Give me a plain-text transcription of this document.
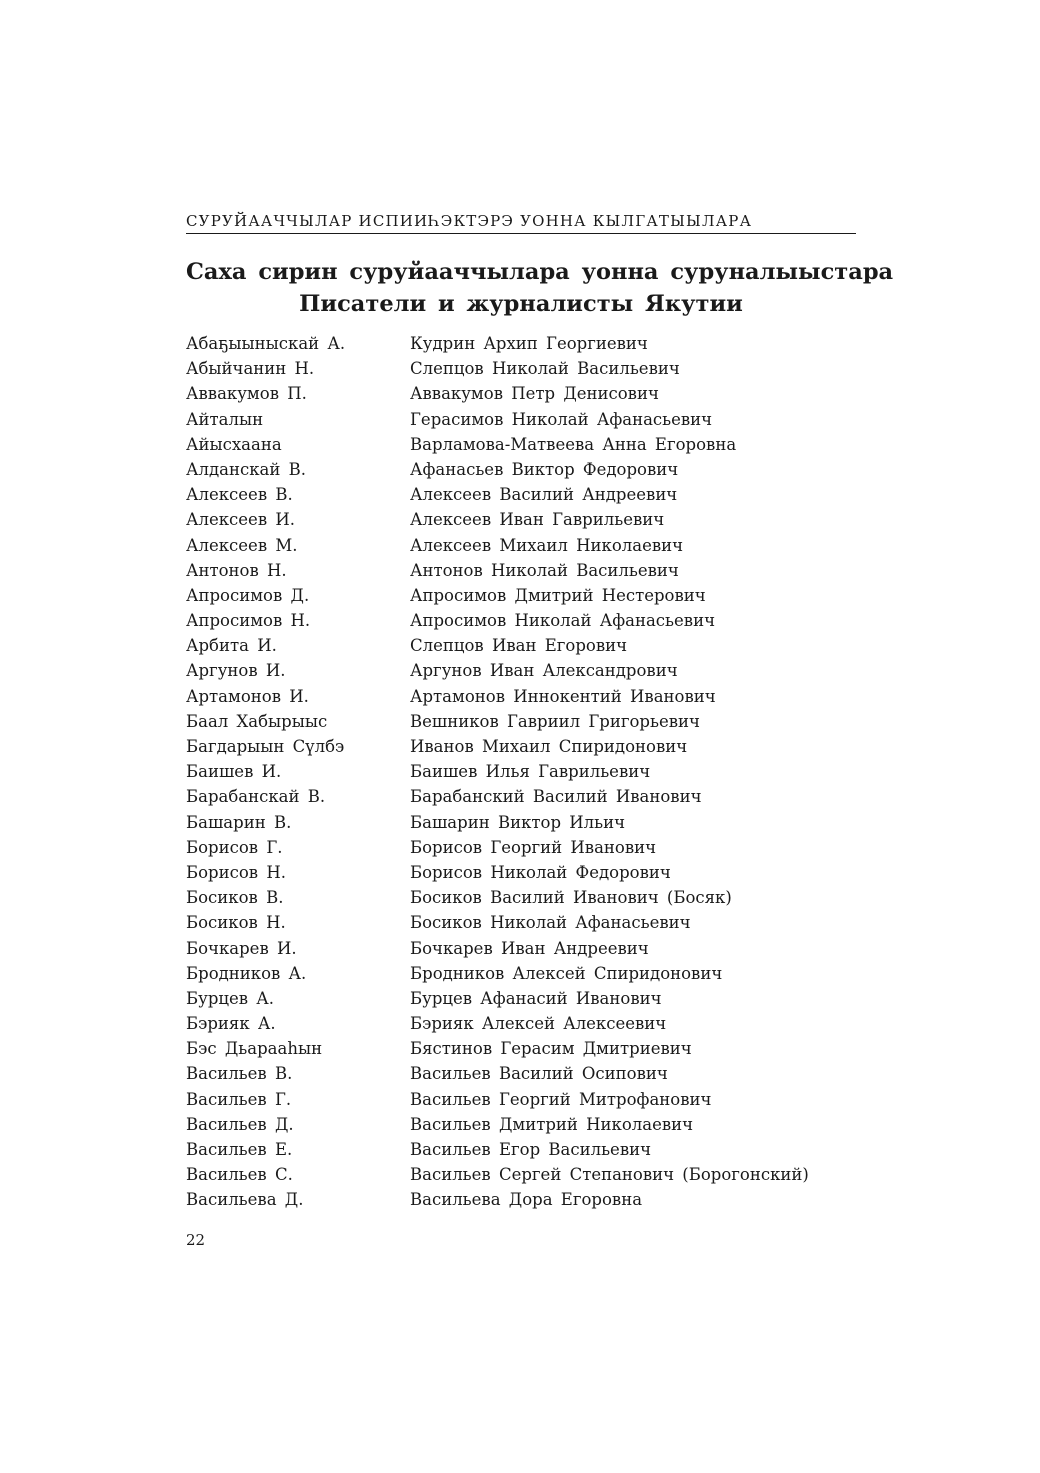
СУРУЙААЧЧЫЛАР ИСПИИҺЭКТЭРЭ УОННА КЫЛГАТЫЫЛАРА
Саха сирин суруйааччылара уонна суруналыыстара
Писатели и журналисты Якутии
Абаҕыыныскай А.	Кудрин Архип Георгиевич
Абыйчанин Н.	Слепцов Николай Васильевич
Аввакумов П.	Аввакумов Петр Денисович
Айталын	Герасимов Николай Афанасьевич
Айысхаана	Варламова-Матвеева Анна Егоровна
Алданскай В.	Афанасьев Виктор Федорович
Алексеев В.	Алексеев Василий Андреевич
Алексеев И.	Алексеев Иван Гаврильевич
Алексеев М.	Алексеев Михаил Николаевич
Антонов Н.	Антонов Николай Васильевич
Апросимов Д.	Апросимов Дмитрий Нестерович
Апросимов Н.	Апросимов Николай Афанасьевич
Арбита И.	Слепцов Иван Егорович
Аргунов И.	Аргунов Иван Александрович
Артамонов И.	Артамонов Иннокентий Иванович
Баал Хабырыыс	Вешников Гавриил Григорьевич
Багдарыын Сүлбэ	Иванов Михаил Спиридонович
Баишев И.	Баишев Илья Гаврильевич
Барабанскай В.	Барабанский Василий Иванович
Башарин В.	Башарин Виктор Ильич
Борисов Г.	Борисов Георгий Иванович
Борисов Н.	Борисов Николай Федорович
Босиков В.	Босиков Василий Иванович (Босяк)
Босиков Н.	Босиков Николай Афанасьевич
Бочкарев И.	Бочкарев Иван Андреевич
Бродников А.	Бродников Алексей Спиридонович
Бурцев А.	Бурцев Афанасий Иванович
Бэрияк А.	Бэрияк Алексей Алексеевич
Бэс Дьарааһын	Бястинов Герасим Дмитриевич
Васильев В.	Васильев Василий Осипович
Васильев Г.	Васильев Георгий Митрофанович
Васильев Д.	Васильев Дмитрий Николаевич
Васильев Е.	Васильев Егор Васильевич
Васильев С.	Васильев Сергей Степанович (Борогонский)
Васильева Д.	Васильева Дора Егоровна
22
